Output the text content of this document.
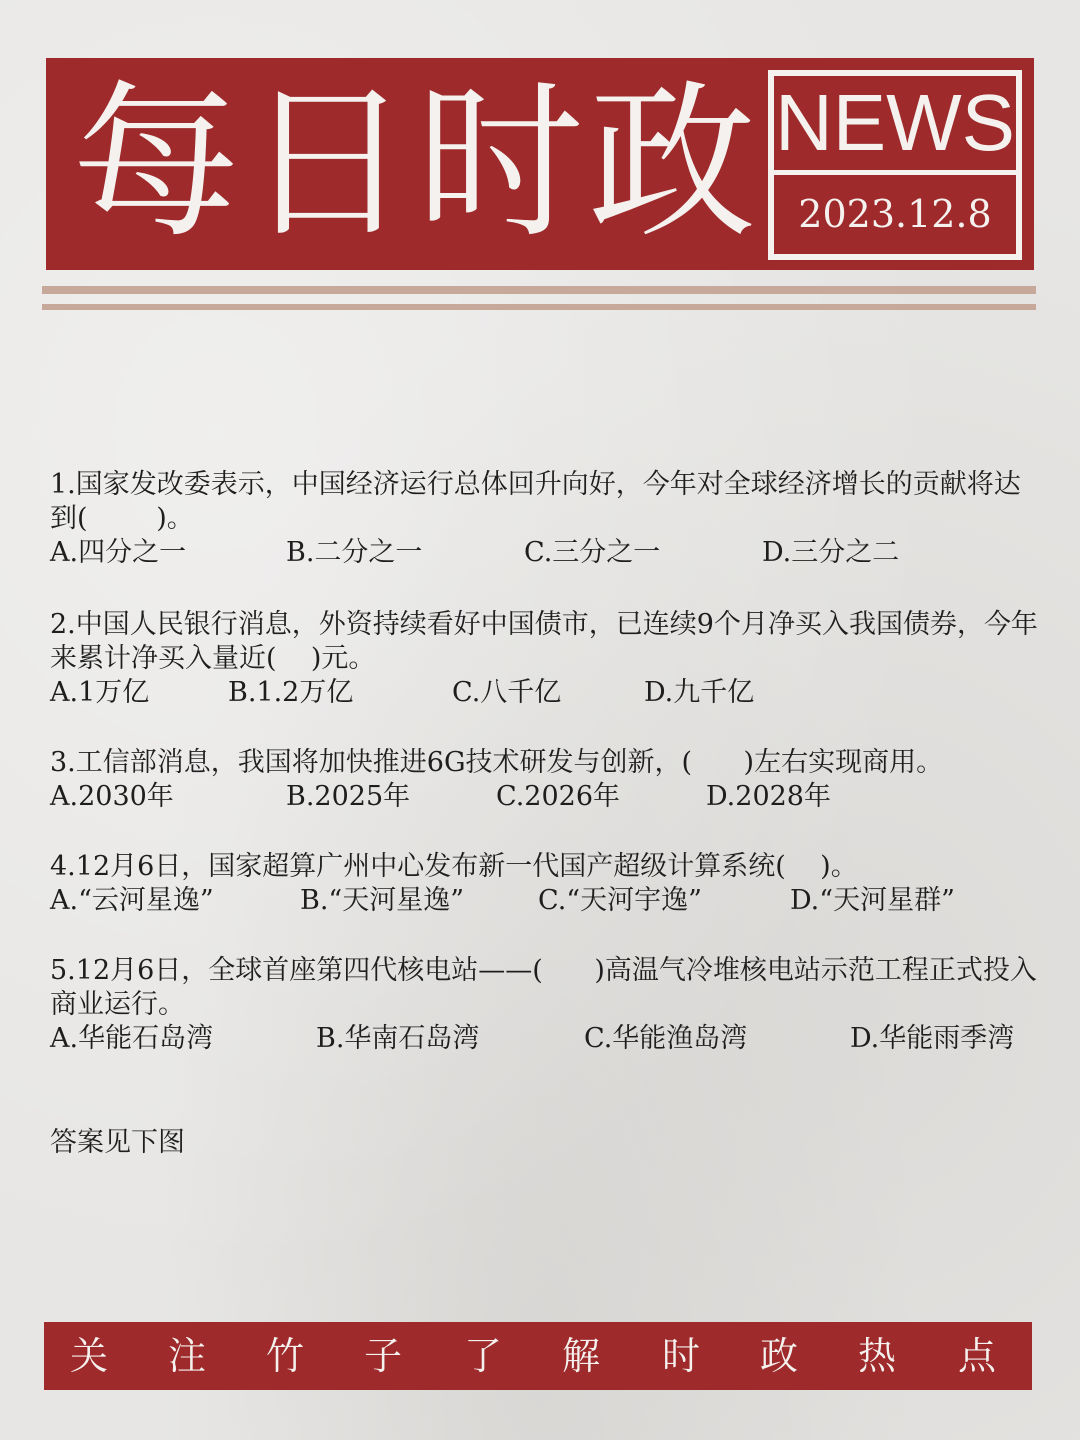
每日时政 NEWS
2023.12.8

1.国家发改委表示，中国经济运行总体回升向好，今年对全球经济增长的贡献将达到(        )。

A.四分之一	B.二分之一	C.三分之一	D.三分之二

2.中国人民银行消息，外资持续看好中国债市，已连续9个月净买入我国债券，今年来累计净买入量近(    )元。

A.1万亿	B.1.2万亿	C.八千亿	D.九千亿

3.工信部消息，我国将加快推进6G技术研发与创新，(      )左右实现商用。

A.2030年	B.2025年	C.2026年	D.2028年

4.12月6日，国家超算广州中心发布新一代国产超级计算系统(    )。

A.“云河星逸”	B.“天河星逸”	C.“天河宇逸”	D.“天河星群”

5.12月6日，全球首座第四代核电站——(      )高温气冷堆核电站示范工程正式投入商业运行。

A.华能石岛湾	B.华南石岛湾	C.华能渔岛湾	D.华能雨季湾
答案见下图
关 注 竹 子 了 解 时 政 热 点
